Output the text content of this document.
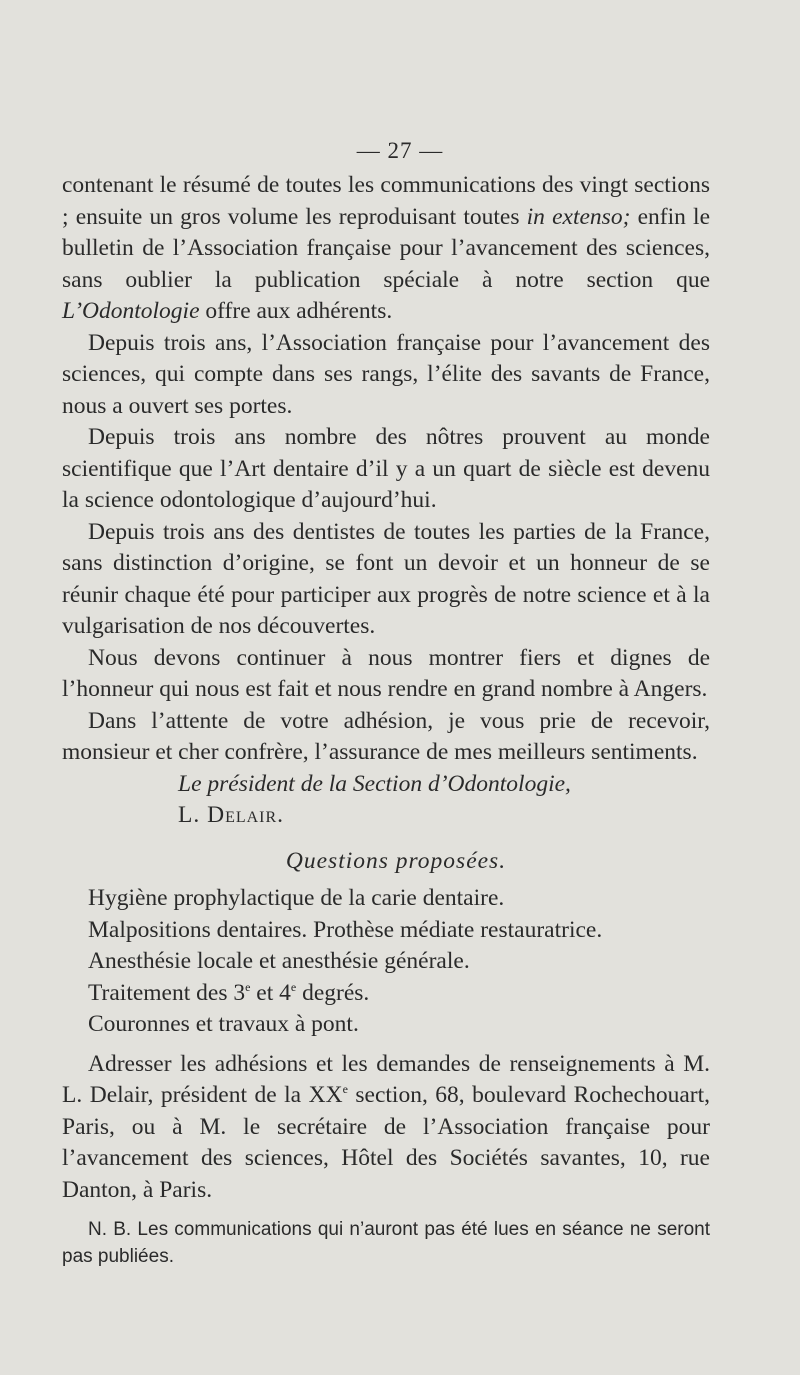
— 27 —

contenant le résumé de toutes les communications des vingt sections ; ensuite un gros volume les reproduisant toutes in extenso; enfin le bulletin de l’Association française pour l’avancement des sciences, sans oublier la publication spéciale à notre section que L’Odontologie offre aux adhérents.

Depuis trois ans, l’Association française pour l’avancement des sciences, qui compte dans ses rangs, l’élite des savants de France, nous a ouvert ses portes.

Depuis trois ans nombre des nôtres prouvent au monde scientifique que l’Art dentaire d’il y a un quart de siècle est devenu la science odontologique d’aujourd’hui.

Depuis trois ans des dentistes de toutes les parties de la France, sans distinction d’origine, se font un devoir et un honneur de se réunir chaque été pour participer aux progrès de notre science et à la vulgarisation de nos découvertes.

Nous devons continuer à nous montrer fiers et dignes de l’honneur qui nous est fait et nous rendre en grand nombre à Angers.

Dans l’attente de votre adhésion, je vous prie de recevoir, monsieur et cher confrère, l’assurance de mes meilleurs sentiments.

Le président de la Section d’Odontologie,

L. Delair.

Questions proposées.

Hygiène prophylactique de la carie dentaire.

Malpositions dentaires. Prothèse médiate restauratrice.

Anesthésie locale et anesthésie générale.

Traitement des 3e et 4e degrés.

Couronnes et travaux à pont.

Adresser les adhésions et les demandes de renseignements à M. L. Delair, président de la XXe section, 68, boulevard Rochechouart, Paris, ou à M. le secrétaire de l’Association française pour l’avancement des sciences, Hôtel des Sociétés savantes, 10, rue Danton, à Paris.

N. B. Les communications qui n’auront pas été lues en séance ne seront pas publiées.
